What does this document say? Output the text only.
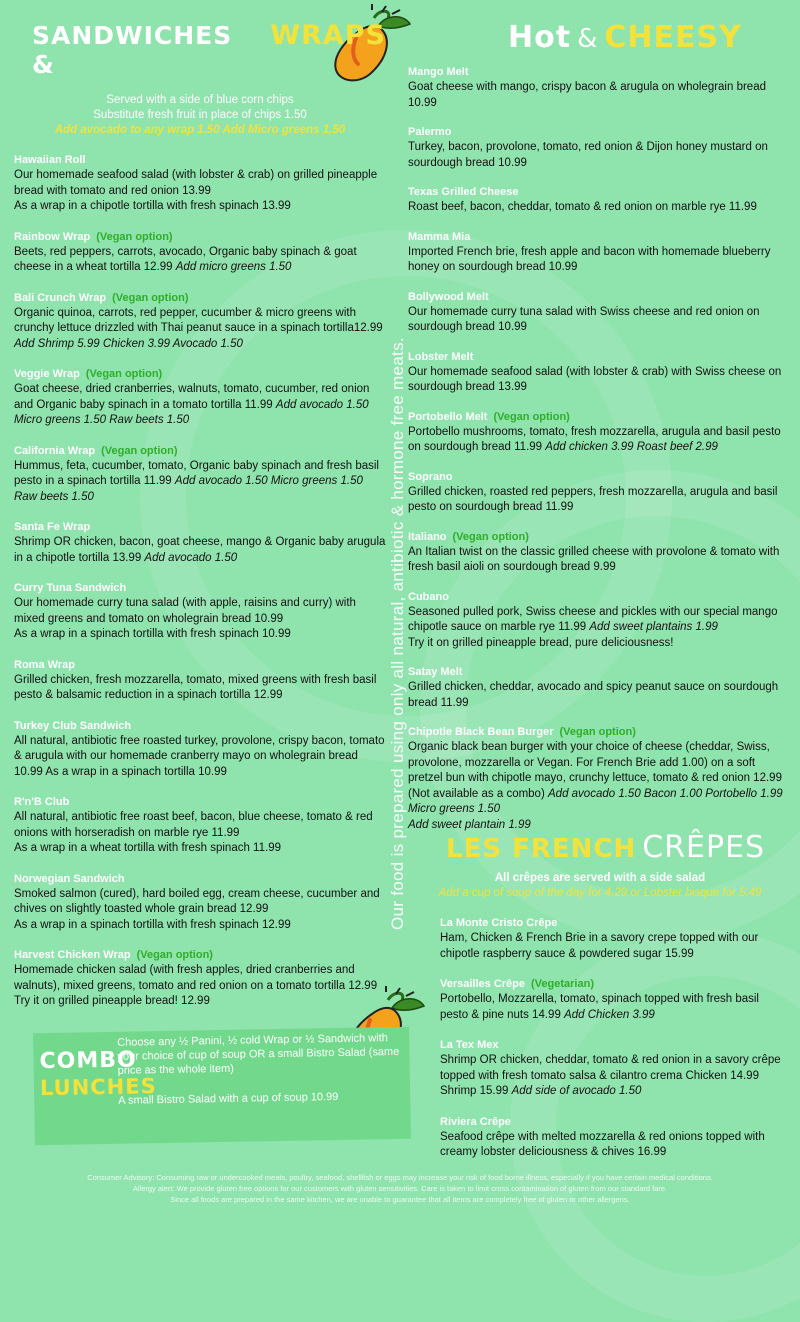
SANDWICHES &
WRAPS
Served with a side of blue corn chips
Substitute fresh fruit in place of chips 1.50
Add avocado to any wrap 1.50 Add Micro greens 1.50
Hawaiian Roll
Our homemade seafood salad (with lobster & crab) on grilled pineapple bread with tomato and red onion 13.99
As a wrap in a chipotle tortilla with fresh spinach 13.99
Rainbow Wrap (Vegan option)
Beets, red peppers, carrots, avocado, Organic baby spinach & goat cheese in a wheat tortilla 12.99 Add micro greens 1.50
Bali Crunch Wrap (Vegan option)
Organic quinoa, carrots, red pepper, cucumber & micro greens with crunchy lettuce drizzled with Thai peanut sauce in a spinach tortilla12.99 Add Shrimp 5.99 Chicken 3.99 Avocado 1.50
Veggie Wrap (Vegan option)
Goat cheese, dried cranberries, walnuts, tomato, cucumber, red onion and Organic baby spinach in a tomato tortilla 11.99 Add avocado 1.50 Micro greens 1.50 Raw beets 1.50
California Wrap (Vegan option)
Hummus, feta, cucumber, tomato, Organic baby spinach and fresh basil pesto in a spinach tortilla 11.99 Add avocado 1.50 Micro greens 1.50 Raw beets 1.50
Santa Fe Wrap
Shrimp OR chicken, bacon, goat cheese, mango & Organic baby arugula in a chipotle tortilla 13.99 Add avocado 1.50
Curry Tuna Sandwich
Our homemade curry tuna salad (with apple, raisins and curry) with mixed greens and tomato on wholegrain bread 10.99
As a wrap in a spinach tortilla with fresh spinach 10.99
Roma Wrap
Grilled chicken, fresh mozzarella, tomato, mixed greens with fresh basil pesto & balsamic reduction in a spinach tortilla 12.99
Turkey Club Sandwich
All natural, antibiotic free roasted turkey, provolone, crispy bacon, tomato & arugula with our homemade cranberry mayo on wholegrain bread 10.99 As a wrap in a spinach tortilla 10.99
R'n'B Club
All natural, antibiotic free roast beef, bacon, blue cheese, tomato & red onions with horseradish on marble rye 11.99
As a wrap in a wheat tortilla with fresh spinach 11.99
Norwegian Sandwich
Smoked salmon (cured), hard boiled egg, cream cheese, cucumber and chives on slightly toasted whole grain bread 12.99
As a wrap in a spinach tortilla with fresh spinach 12.99
Harvest Chicken Wrap (Vegan option)
Homemade chicken salad (with fresh apples, dried cranberries and walnuts), mixed greens, tomato and red onion on a tomato tortilla 12.99 Try it on grilled pineapple bread! 12.99
Hot & CHEESY
Mango Melt
Goat cheese with mango, crispy bacon & arugula on wholegrain bread 10.99
Palermo
Turkey, bacon, provolone, tomato, red onion & Dijon honey mustard on sourdough bread 10.99
Texas Grilled Cheese
Roast beef, bacon, cheddar, tomato & red onion on marble rye 11.99
Mamma Mia
Imported French brie, fresh apple and bacon with homemade blueberry honey on sourdough bread 10.99
Bollywood Melt
Our homemade curry tuna salad with Swiss cheese and red onion on sourdough bread 10.99
Lobster Melt
Our homemade seafood salad (with lobster & crab) with Swiss cheese on sourdough bread 13.99
Portobello Melt (Vegan option)
Portobello mushrooms, tomato, fresh mozzarella, arugula and basil pesto on sourdough bread 11.99 Add chicken 3.99 Roast beef 2.99
Soprano
Grilled chicken, roasted red peppers, fresh mozzarella, arugula and basil pesto on sourdough bread 11.99
Italiano (Vegan option)
An Italian twist on the classic grilled cheese with provolone & tomato with fresh basil aioli on sourdough bread 9.99
Cubano
Seasoned pulled pork, Swiss cheese and pickles with our special mango chipotle sauce on marble rye 11.99 Add sweet plantains 1.99
Try it on grilled pineapple bread, pure deliciousness!
Satay Melt
Grilled chicken, cheddar, avocado and spicy peanut sauce on sourdough bread 11.99
Chipotle Black Bean Burger (Vegan option)
Organic black bean burger with your choice of cheese (cheddar, Swiss, provolone, mozzarella or Vegan. For French Brie add 1.00) on a soft pretzel bun with chipotle mayo, crunchy lettuce, tomato & red onion 12.99 (Not available as a combo) Add avocado 1.50 Bacon 1.00 Portobello 1.99 Micro greens 1.50
Add sweet plantain 1.99
Our food is prepared using only all natural, antibiotic & hormone free meats. LES FRENCH CRÊPES
All crêpes are served with a side salad
Add a cup of soup of the day for 4.29 or Lobster bisque for 5.49
La Monte Cristo Crêpe
Ham, Chicken & French Brie in a savory crepe topped with our chipotle raspberry sauce & powdered sugar 15.99
Versailles Crêpe (Vegetarian)
Portobello, Mozzarella, tomato, spinach topped with fresh basil pesto & pine nuts 14.99 Add Chicken 3.99
La Tex Mex
Shrimp OR chicken, cheddar, tomato & red onion in a savory crêpe topped with fresh tomato salsa & cilantro crema Chicken 14.99 Shrimp 15.99 Add side of avocado 1.50
Riviera Crêpe
Seafood crêpe with melted mozzarella & red onions topped with creamy lobster deliciousness & chives 16.99
COMBO
LUNCHES
Choose any ½ Panini, ½ cold Wrap or ½ Sandwich with your choice of cup of soup OR a small Bistro Salad (same price as the whole item)
A small Bistro Salad with a cup of soup 10.99
Consumer Advisory: Consuming raw or undercooked meats, poultry, seafood, shellfish or eggs may increase your risk of food borne illness, especially if you have certain medical conditions.
Allergy alert: We provide gluten free options for our customers with gluten sensitivities. Care is taken to limit cross contamination of gluten from our standard fare.
Since all foods are prepared in the same kitchen, we are unable to guarantee that all items are completely free of gluten or other allergens.
